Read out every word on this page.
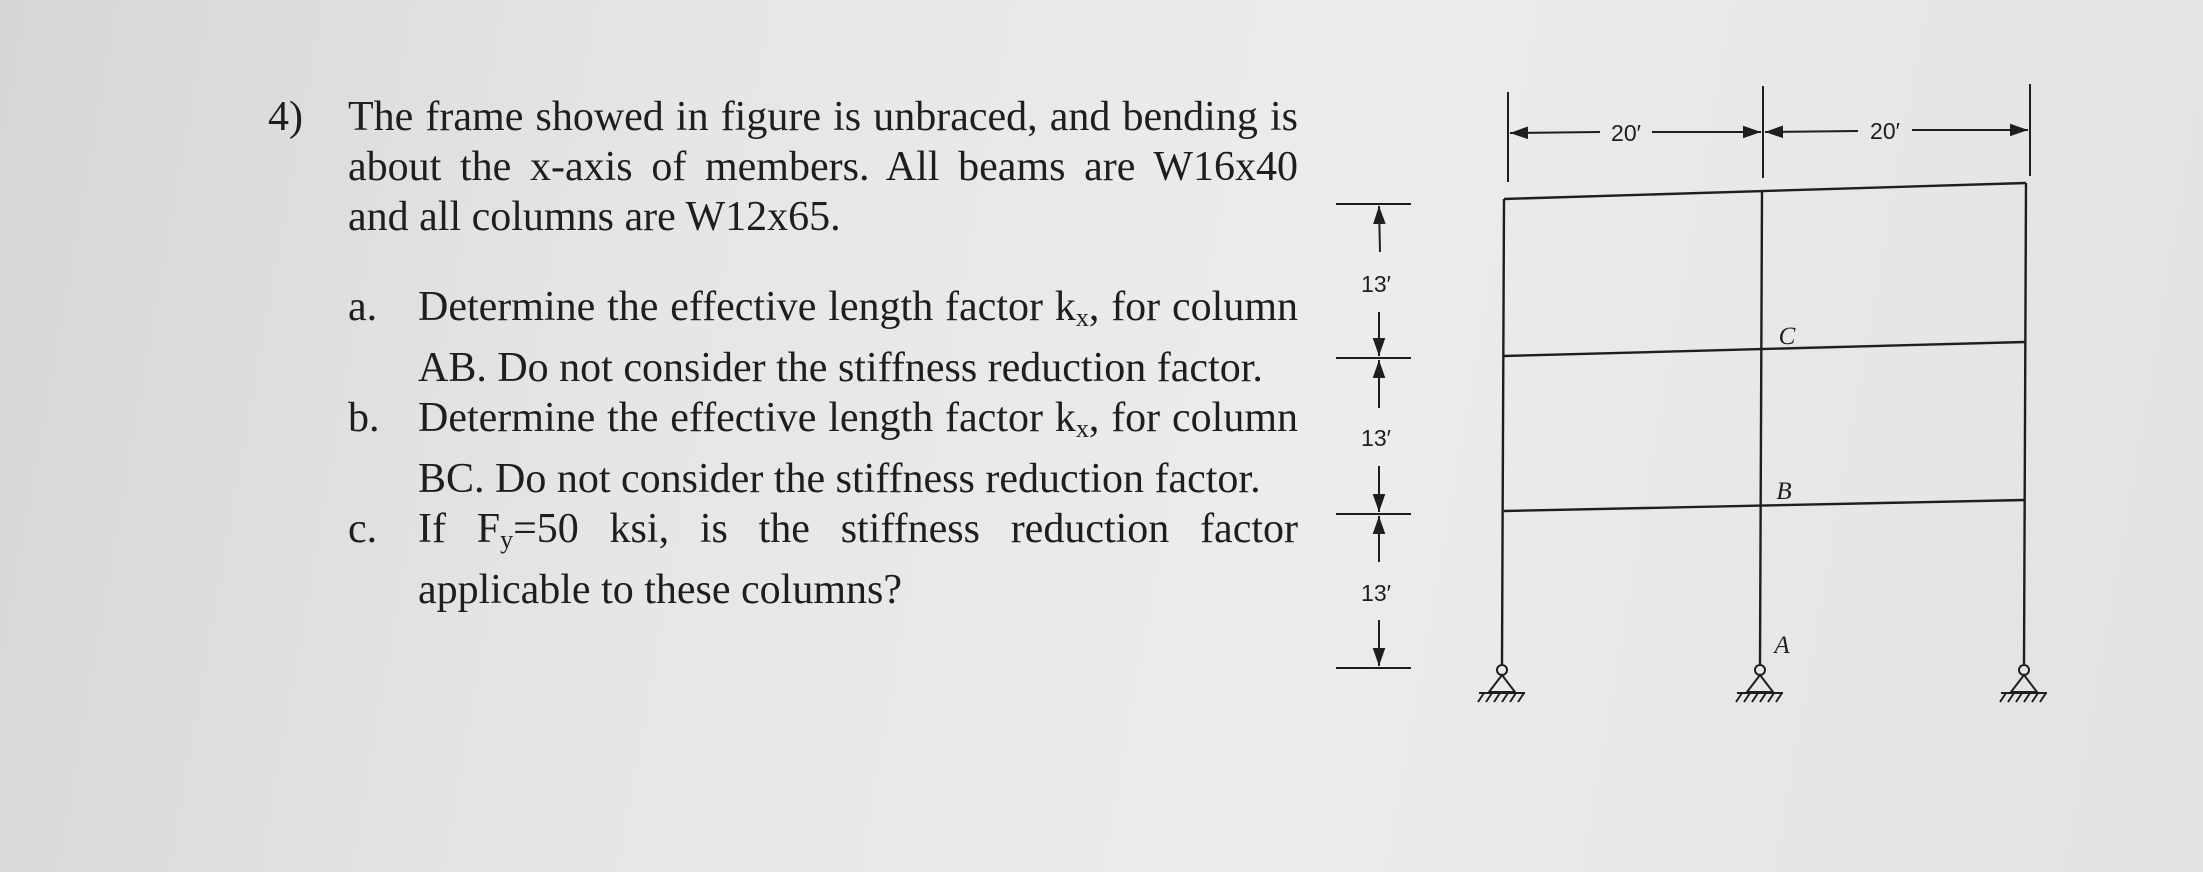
4)	The frame showed in figure is unbraced, and bending is about the x-axis of members. All beams are W16x40 and all columns are W12x65.
a. Determine the effective length factor $k_x$, for column AB. Do not consider the stiffness reduction factor.
b. Determine the effective length factor $k_x$, for column BC. Do not consider the stiffness reduction factor.
c. If $F_y=50$ ksi, is the stiffness reduction factor applicable to these columns?
20′	20′
C
B
A
13′
13′
13′
